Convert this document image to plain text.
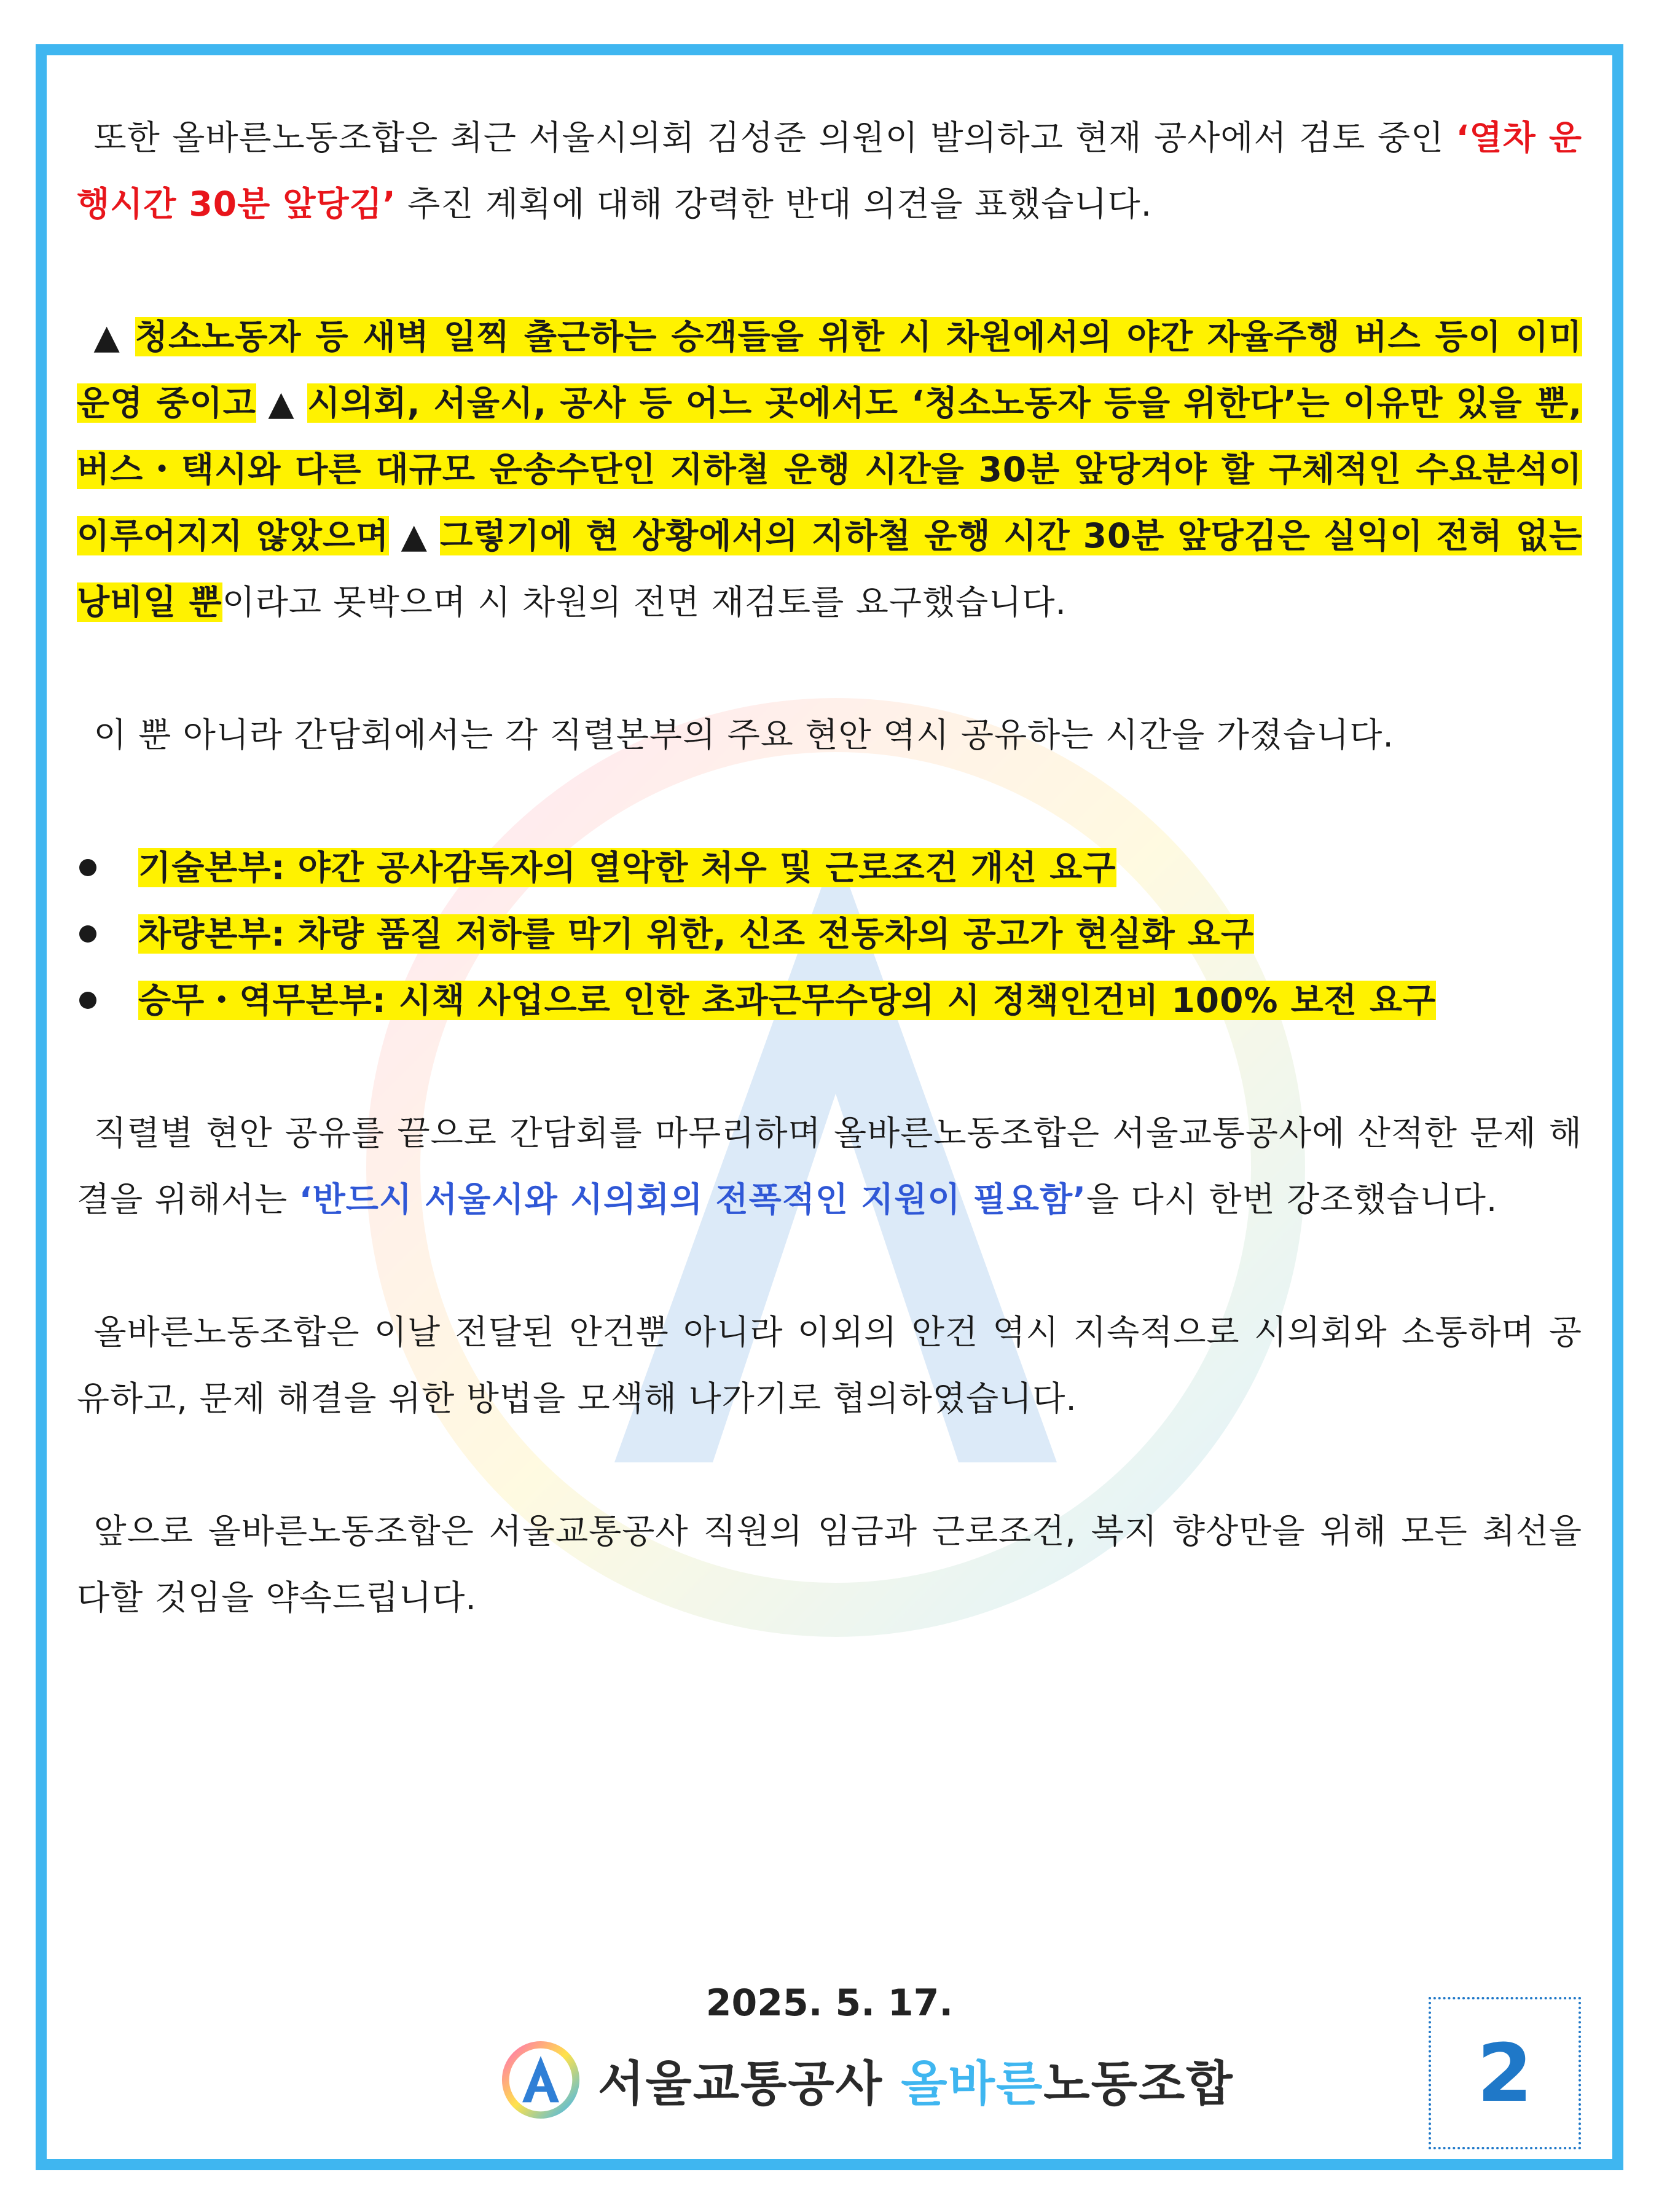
또한 올바른노동조합은 최근 서울시의회 김성준 의원이 발의하고 현재 공사에서 검토 중인 ‘열차 운행시간 30분 앞당김’ 추진 계획에 대해 강력한 반대 의견을 표했습니다.

▲ 청소노동자 등 새벽 일찍 출근하는 승객들을 위한 시 차원에서의 야간 자율주행 버스 등이 이미 운영 중이고 ▲ 시의회, 서울시, 공사 등 어느 곳에서도 ‘청소노동자 등을 위한다’는 이유만 있을 뿐, 버스・택시와 다른 대규모 운송수단인 지하철 운행 시간을 30분 앞당겨야 할 구체적인 수요분석이 이루어지지 않았으며 ▲ 그렇기에 현 상황에서의 지하철 운행 시간 30분 앞당김은 실익이 전혀 없는 낭비일 뿐이라고 못박으며 시 차원의 전면 재검토를 요구했습니다.

이 뿐 아니라 간담회에서는 각 직렬본부의 주요 현안 역시 공유하는 시간을 가졌습니다.

기술본부: 야간 공사감독자의 열악한 처우 및 근로조건 개선 요구
차량본부: 차량 품질 저하를 막기 위한, 신조 전동차의 공고가 현실화 요구
승무・역무본부: 시책 사업으로 인한 초과근무수당의 시 정책인건비 100% 보전 요구

직렬별 현안 공유를 끝으로 간담회를 마무리하며 올바른노동조합은 서울교통공사에 산적한 문제 해결을 위해서는 ‘반드시 서울시와 시의회의 전폭적인 지원이 필요함’을 다시 한번 강조했습니다.

올바른노동조합은 이날 전달된 안건뿐 아니라 이외의 안건 역시 지속적으로 시의회와 소통하며 공유하고, 문제 해결을 위한 방법을 모색해 나가기로 협의하였습니다.

앞으로 올바른노동조합은 서울교통공사 직원의 임금과 근로조건, 복지 향상만을 위해 모든 최선을 다할 것임을 약속드립니다.

2025. 5. 17.
서울교통공사 올바른노동조합	2
